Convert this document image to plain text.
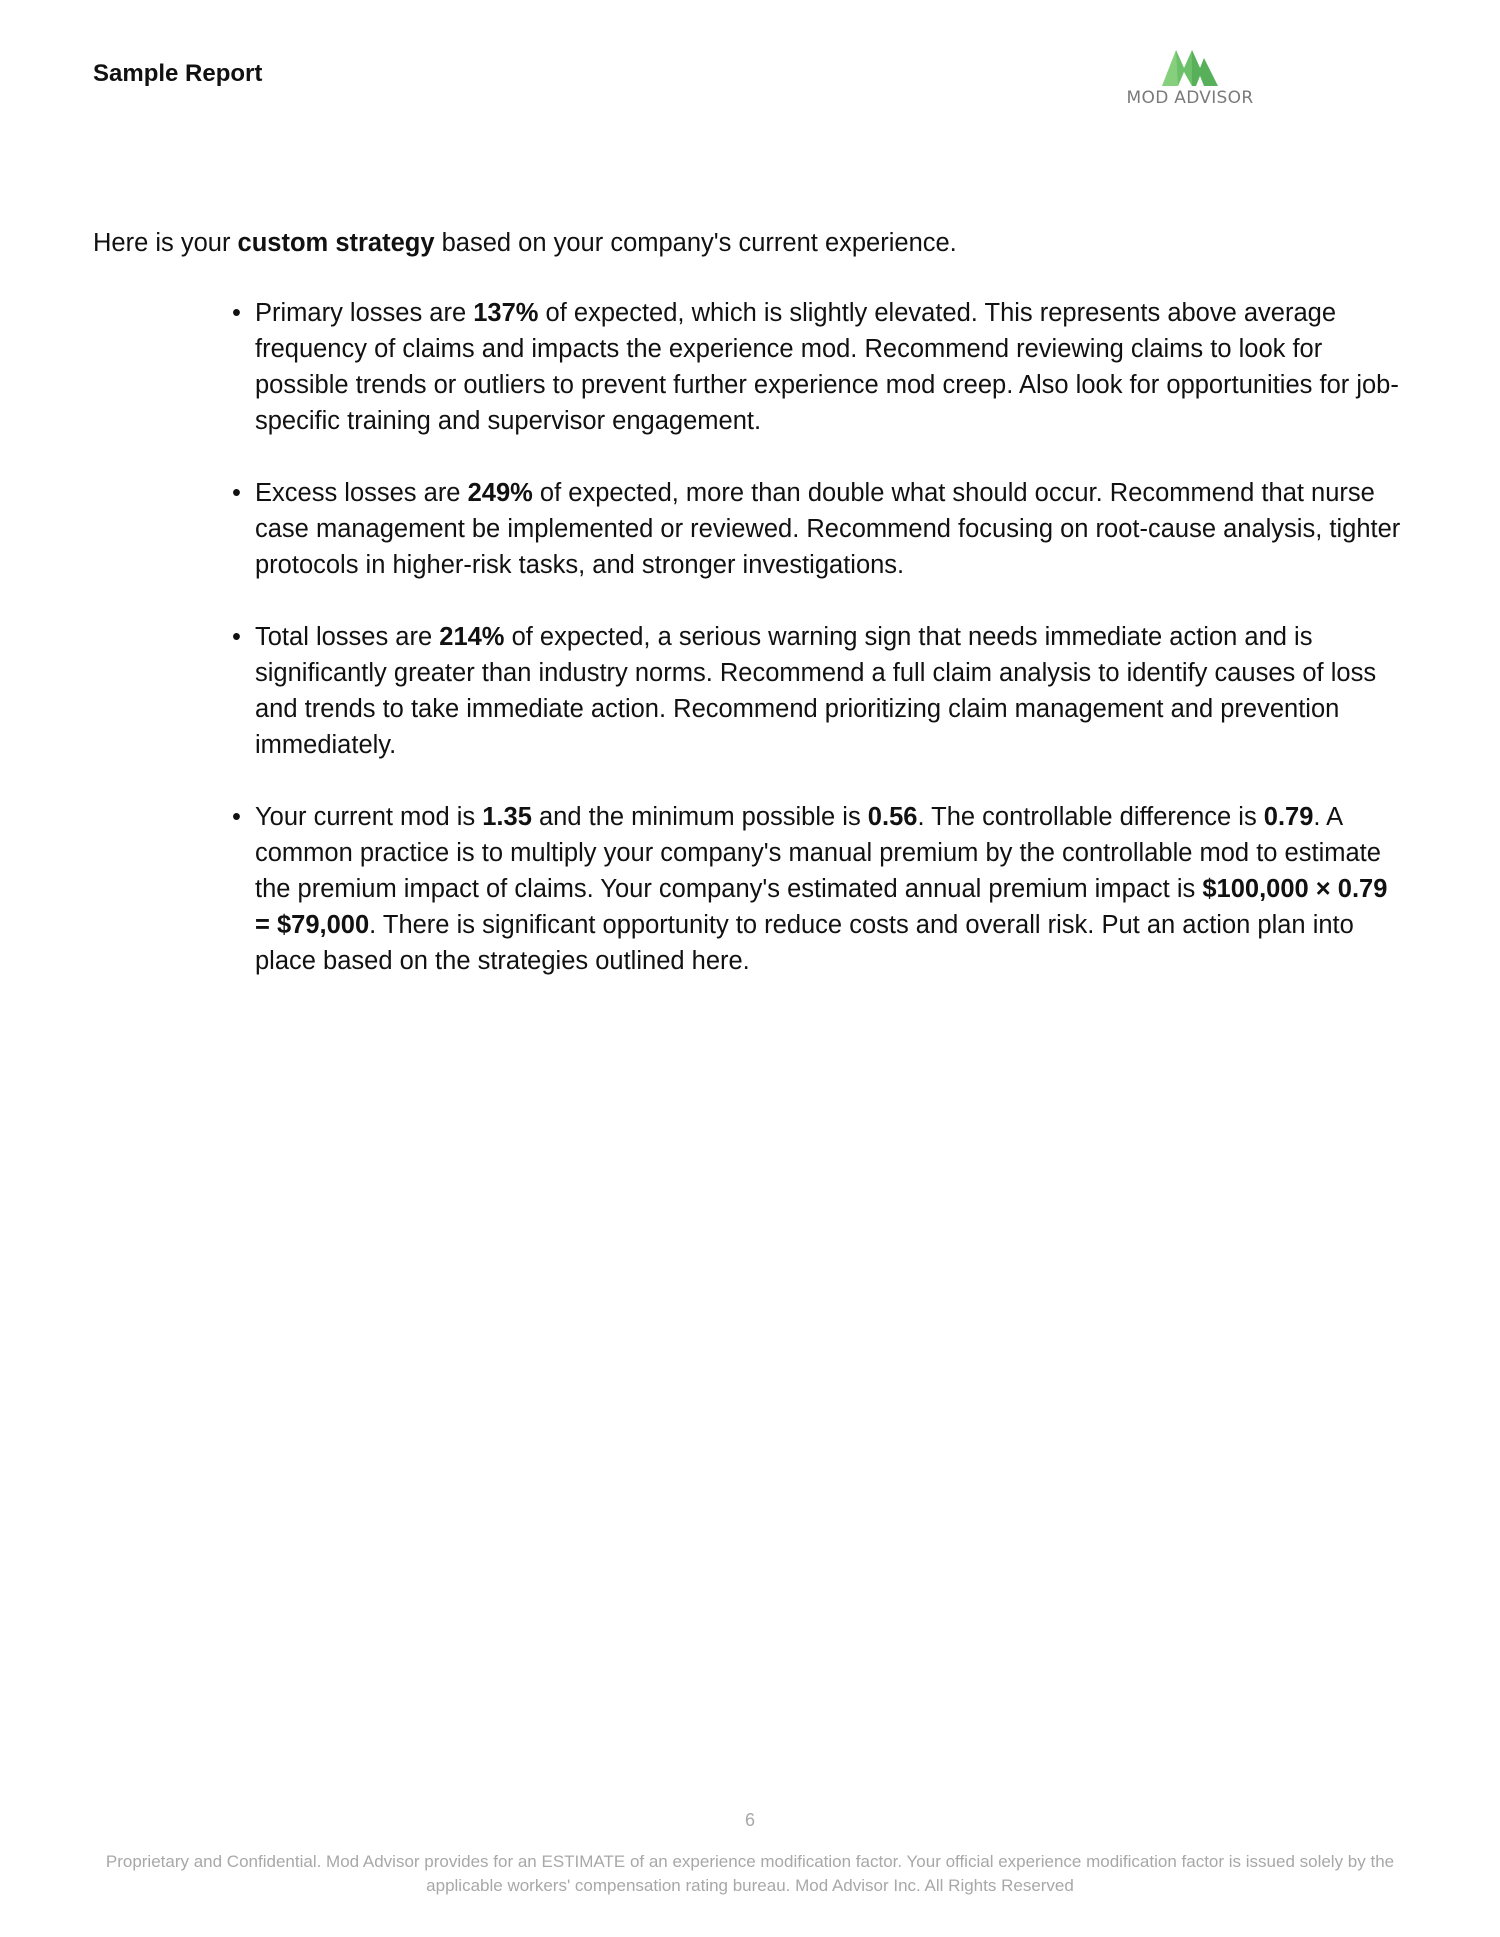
Sample Report
MOD ADVISOR
Here is your custom strategy based on your company's current experience.
• Primary losses are 137% of expected, which is slightly elevated. This represents above average frequency of claims and impacts the experience mod. Recommend reviewing claims to look for possible trends or outliers to prevent further experience mod creep. Also look for opportunities for job-specific training and supervisor engagement.
• Excess losses are 249% of expected, more than double what should occur. Recommend that nurse case management be implemented or reviewed. Recommend focusing on root-cause analysis, tighter protocols in higher-risk tasks, and stronger investigations.
• Total losses are 214% of expected, a serious warning sign that needs immediate action and is significantly greater than industry norms. Recommend a full claim analysis to identify causes of loss and trends to take immediate action. Recommend prioritizing claim management and prevention immediately.
• Your current mod is 1.35 and the minimum possible is 0.56. The controllable difference is 0.79. A common practice is to multiply your company's manual premium by the controllable mod to estimate the premium impact of claims. Your company's estimated annual premium impact is $100,000 × 0.79 = $79,000. There is significant opportunity to reduce costs and overall risk. Put an action plan into place based on the strategies outlined here.
6
Proprietary and Confidential. Mod Advisor provides for an ESTIMATE of an experience modification factor. Your official experience modification factor is issued solely by the applicable workers' compensation rating bureau. Mod Advisor Inc. All Rights Reserved
